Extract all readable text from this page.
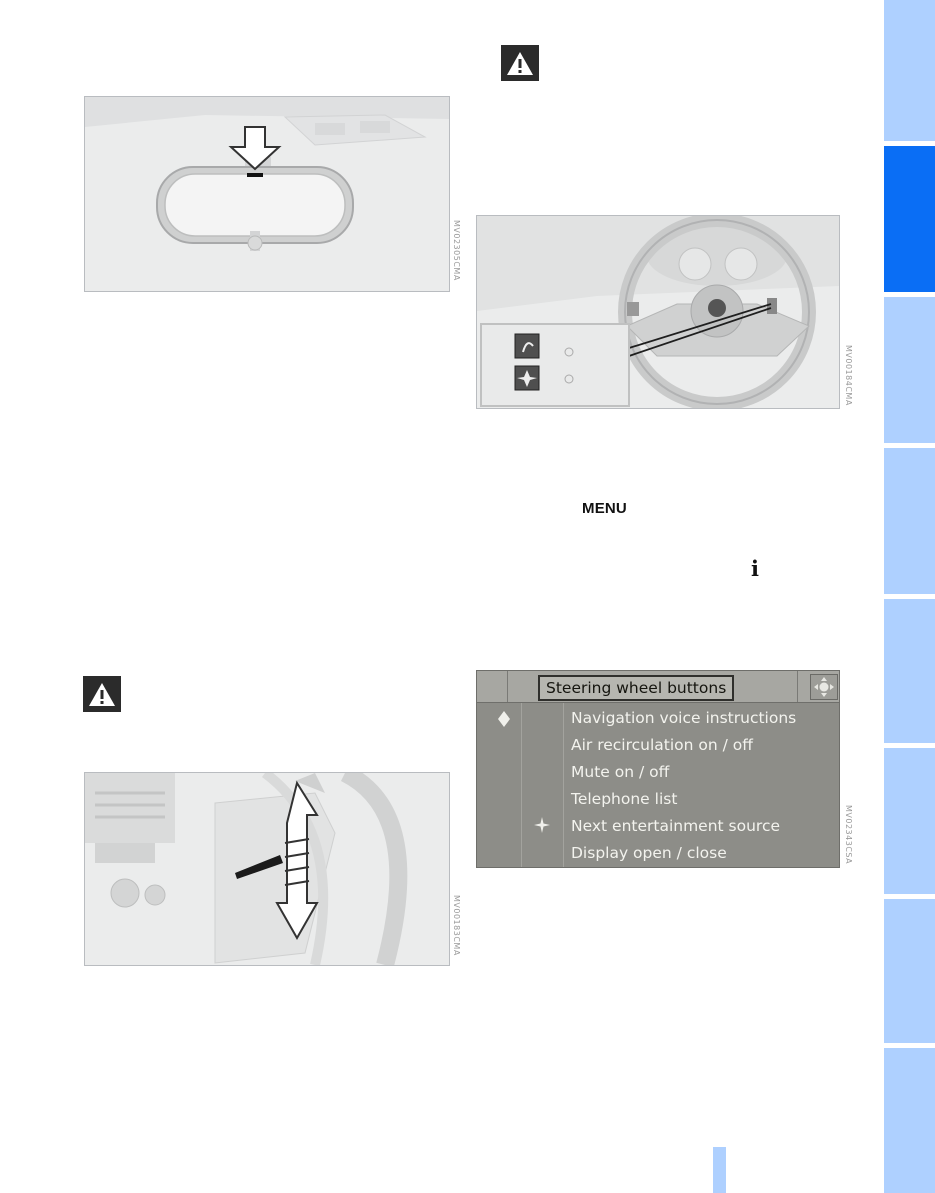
MV02305CMA
MV00184CMA
MENU
i
MV00183CMA
Steering wheel buttons
Navigation voice instructions
Air recirculation on / off
Mute on / off
Telephone list
Next entertainment source
Display open / close	MV02343CSA
